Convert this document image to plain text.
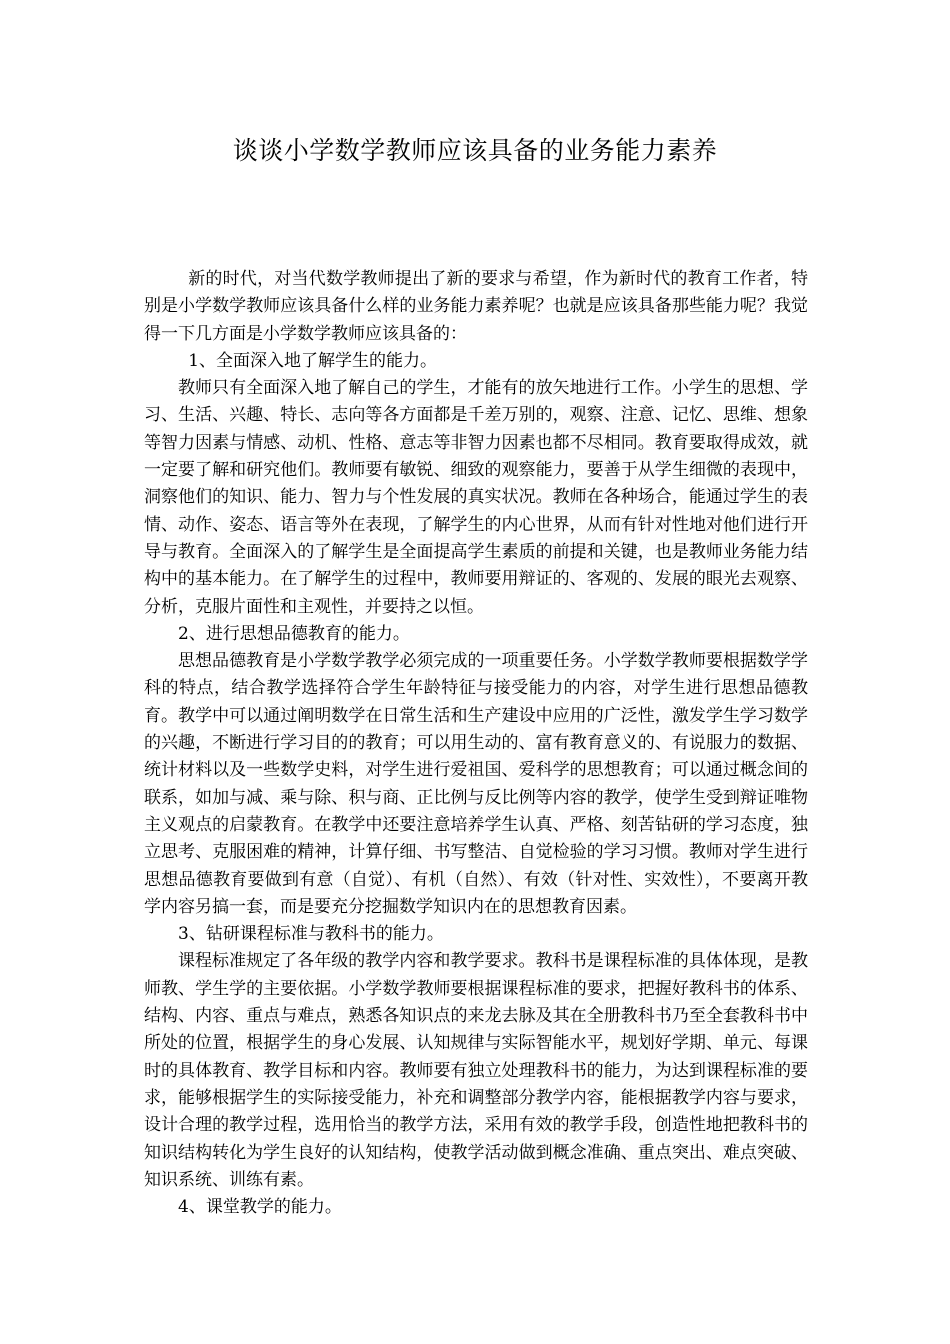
谈谈小学数学教师应该具备的业务能力素养

新的时代，对当代数学教师提出了新的要求与希望，作为新时代的教育工作者，特别是小学数学教师应该具备什么样的业务能力素养呢？也就是应该具备那些能力呢？我觉得一下几方面是小学数学教师应该具备的：

1、全面深入地了解学生的能力。

教师只有全面深入地了解自己的学生，才能有的放矢地进行工作。小学生的思想、学习、生活、兴趣、特长、志向等各方面都是千差万别的，观察、注意、记忆、思维、想象等智力因素与情感、动机、性格、意志等非智力因素也都不尽相同。教育要取得成效，就一定要了解和研究他们。教师要有敏锐、细致的观察能力，要善于从学生细微的表现中，洞察他们的知识、能力、智力与个性发展的真实状况。教师在各种场合，能通过学生的表情、动作、姿态、语言等外在表现，了解学生的内心世界，从而有针对性地对他们进行开导与教育。全面深入的了解学生是全面提高学生素质的前提和关键，也是教师业务能力结构中的基本能力。在了解学生的过程中，教师要用辩证的、客观的、发展的眼光去观察、分析，克服片面性和主观性，并要持之以恒。

2、进行思想品德教育的能力。

思想品德教育是小学数学教学必须完成的一项重要任务。小学数学教师要根据数学学科的特点，结合教学选择符合学生年龄特征与接受能力的内容，对学生进行思想品德教育。教学中可以通过阐明数学在日常生活和生产建设中应用的广泛性，激发学生学习数学的兴趣，不断进行学习目的的教育；可以用生动的、富有教育意义的、有说服力的数据、统计材料以及一些数学史料，对学生进行爱祖国、爱科学的思想教育；可以通过概念间的联系，如加与减、乘与除、积与商、正比例与反比例等内容的教学，使学生受到辩证唯物主义观点的启蒙教育。在教学中还要注意培养学生认真、严格、刻苦钻研的学习态度，独立思考、克服困难的精神，计算仔细、书写整洁、自觉检验的学习习惯。教师对学生进行思想品德教育要做到有意（自觉）、有机（自然）、有效（针对性、实效性），不要离开教学内容另搞一套，而是要充分挖掘数学知识内在的思想教育因素。

3、钻研课程标准与教科书的能力。

课程标准规定了各年级的教学内容和教学要求。教科书是课程标准的具体体现，是教师教、学生学的主要依据。小学数学教师要根据课程标准的要求，把握好教科书的体系、结构、内容、重点与难点，熟悉各知识点的来龙去脉及其在全册教科书乃至全套教科书中所处的位置，根据学生的身心发展、认知规律与实际智能水平，规划好学期、单元、每课时的具体教育、教学目标和内容。教师要有独立处理教科书的能力，为达到课程标准的要求，能够根据学生的实际接受能力，补充和调整部分教学内容，能根据教学内容与要求，设计合理的教学过程，选用恰当的教学方法，采用有效的教学手段，创造性地把教科书的知识结构转化为学生良好的认知结构，使教学活动做到概念准确、重点突出、难点突破、知识系统、训练有素。

4、课堂教学的能力。
